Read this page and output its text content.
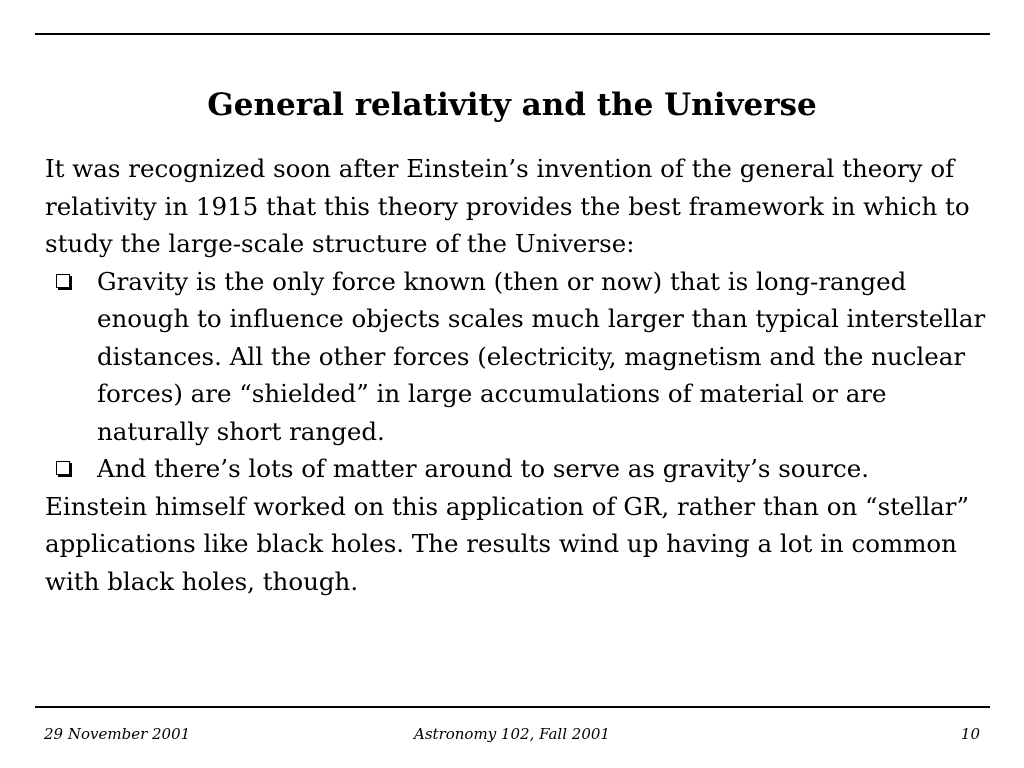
General relativity and the Universe

It was recognized soon after Einstein’s invention of the general theory of relativity in 1915 that this theory provides the best framework in which to study the large-scale structure of the Universe:

Gravity is the only force known (then or now) that is long-ranged enough to influence objects scales much larger than typical interstellar distances. All the other forces (electricity, magnetism and the nuclear forces) are “shielded” in large accumulations of material or are naturally short ranged.
And there’s lots of matter around to serve as gravity’s source.

Einstein himself worked on this application of GR, rather than on “stellar” applications like black holes. The results wind up having a lot in common with black holes, though.

29 November 2001	Astronomy 102, Fall 2001	10
